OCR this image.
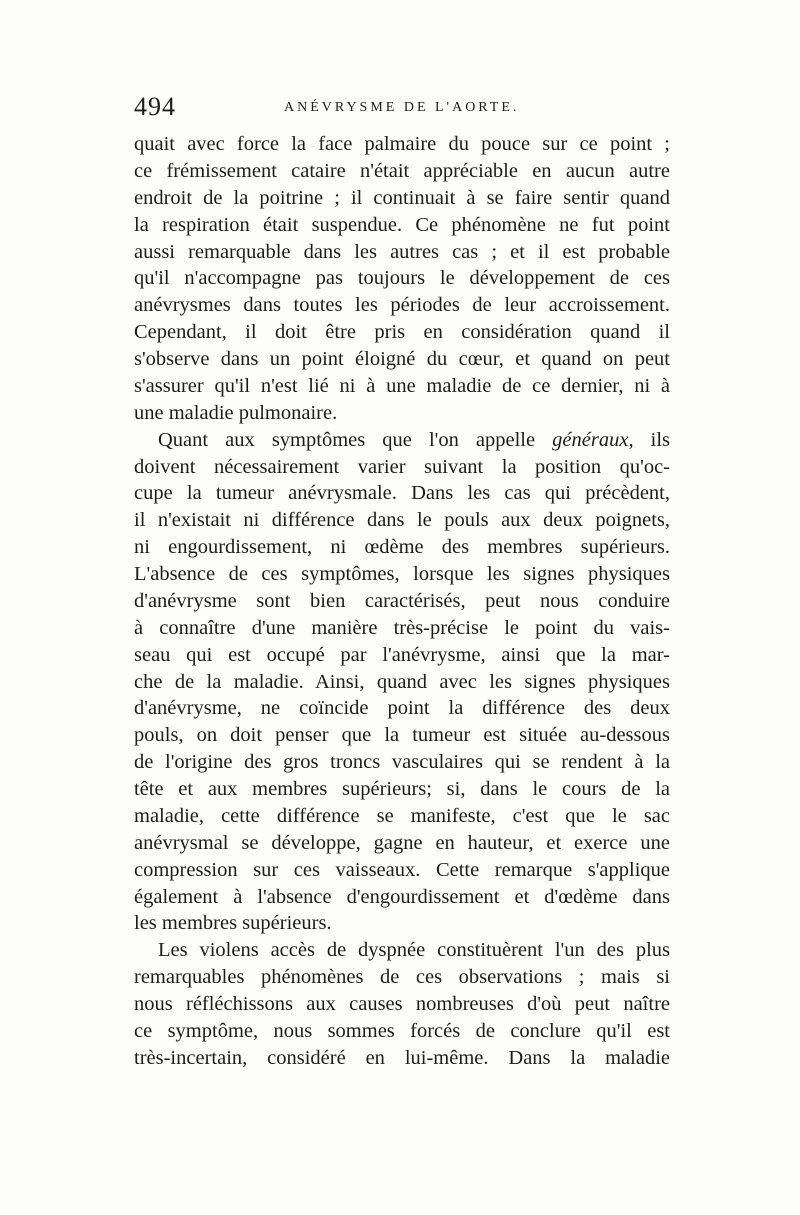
494	ANÉVRYSME DE L'AORTE.
quait avec force la face palmaire du pouce sur ce point ;
ce frémissement cataire n'était appréciable en aucun autre
endroit de la poitrine ; il continuait à se faire sentir quand
la respiration était suspendue. Ce phénomène ne fut point
aussi remarquable dans les autres cas ; et il est probable
qu'il n'accompagne pas toujours le développement de ces
anévrysmes dans toutes les périodes de leur accroissement.
Cependant, il doit être pris en considération quand il
s'observe dans un point éloigné du cœur, et quand on peut
s'assurer qu'il n'est lié ni à une maladie de ce dernier, ni à
une maladie pulmonaire.
Quant aux symptômes que l'on appelle généraux, ils
doivent nécessairement varier suivant la position qu'oc-
cupe la tumeur anévrysmale. Dans les cas qui précèdent,
il n'existait ni différence dans le pouls aux deux poignets,
ni engourdissement, ni œdème des membres supérieurs.
L'absence de ces symptômes, lorsque les signes physiques
d'anévrysme sont bien caractérisés, peut nous conduire
à connaître d'une manière très-précise le point du vais-
seau qui est occupé par l'anévrysme, ainsi que la mar-
che de la maladie. Ainsi, quand avec les signes physiques
d'anévrysme, ne coïncide point la différence des deux
pouls, on doit penser que la tumeur est située au-dessous
de l'origine des gros troncs vasculaires qui se rendent à la
tête et aux membres supérieurs; si, dans le cours de la
maladie, cette différence se manifeste, c'est que le sac
anévrysmal se développe, gagne en hauteur, et exerce une
compression sur ces vaisseaux. Cette remarque s'applique
également à l'absence d'engourdissement et d'œdème dans
les membres supérieurs.
Les violens accès de dyspnée constituèrent l'un des plus
remarquables phénomènes de ces observations ; mais si
nous réfléchissons aux causes nombreuses d'où peut naître
ce symptôme, nous sommes forcés de conclure qu'il est
très-incertain, considéré en lui-même. Dans la maladie
